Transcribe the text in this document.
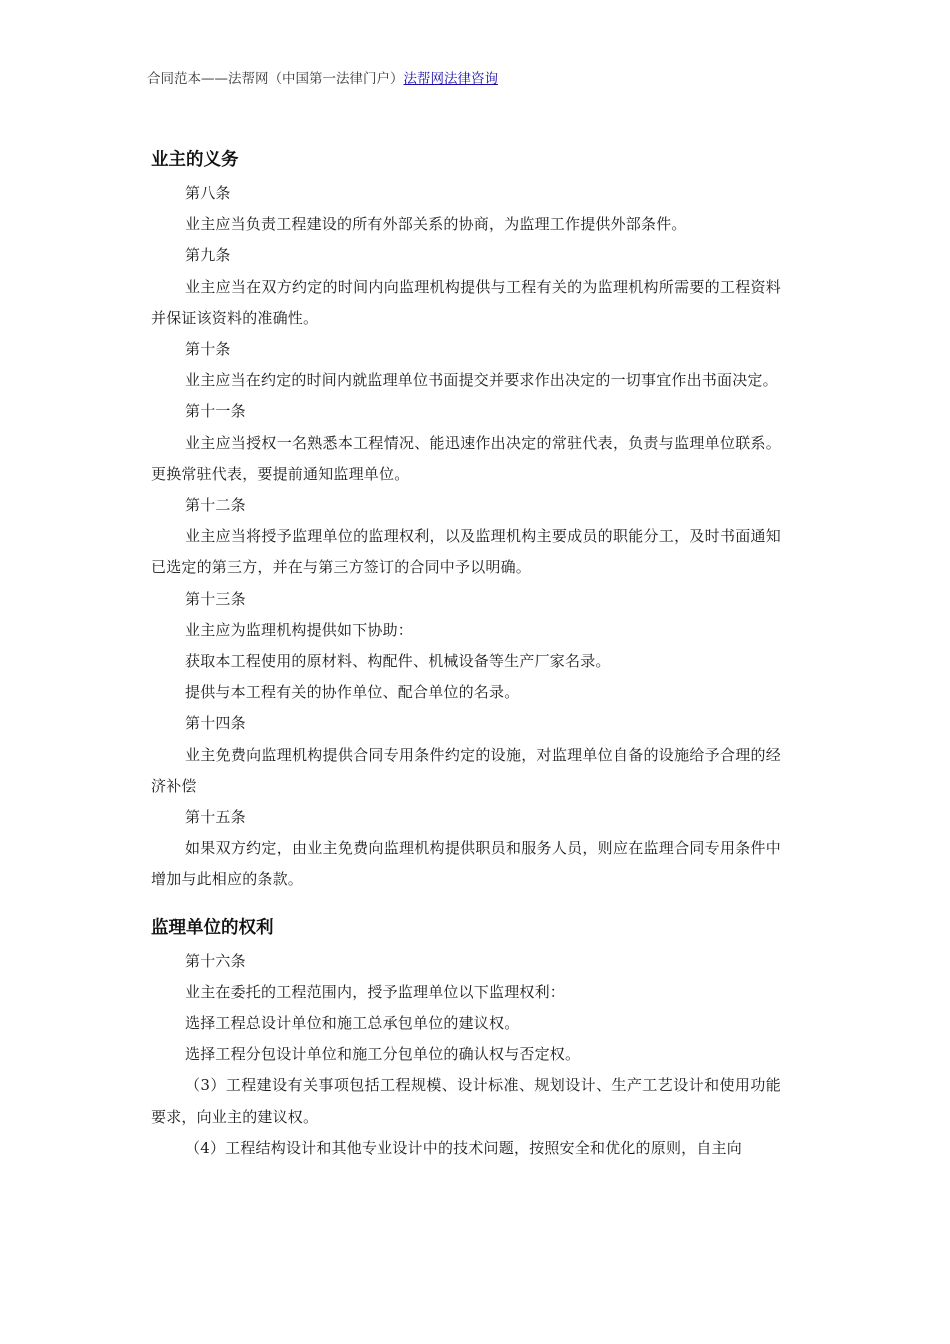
合同范本——法帮网（中国第一法律门户）法帮网法律咨询
业主的义务

第八条

业主应当负责工程建设的所有外部关系的协商，为监理工作提供外部条件。

第九条

业主应当在双方约定的时间内向监理机构提供与工程有关的为监理机构所需要的工程资料并保证该资料的准确性。

第十条

业主应当在约定的时间内就监理单位书面提交并要求作出决定的一切事宜作出书面决定。

第十一条

业主应当授权一名熟悉本工程情况、能迅速作出决定的常驻代表，负责与监理单位联系。更换常驻代表，要提前通知监理单位。

第十二条

业主应当将授予监理单位的监理权利，以及监理机构主要成员的职能分工，及时书面通知已选定的第三方，并在与第三方签订的合同中予以明确。

第十三条

业主应为监理机构提供如下协助：

获取本工程使用的原材料、构配件、机械设备等生产厂家名录。

提供与本工程有关的协作单位、配合单位的名录。

第十四条

业主免费向监理机构提供合同专用条件约定的设施，对监理单位自备的设施给予合理的经济补偿

第十五条

如果双方约定，由业主免费向监理机构提供职员和服务人员，则应在监理合同专用条件中增加与此相应的条款。

监理单位的权利

第十六条

业主在委托的工程范围内，授予监理单位以下监理权利：

选择工程总设计单位和施工总承包单位的建议权。

选择工程分包设计单位和施工分包单位的确认权与否定权。

（3）工程建设有关事项包括工程规模、设计标准、规划设计、生产工艺设计和使用功能要求，向业主的建议权。

（4）工程结构设计和其他专业设计中的技术问题，按照安全和优化的原则，自主向
